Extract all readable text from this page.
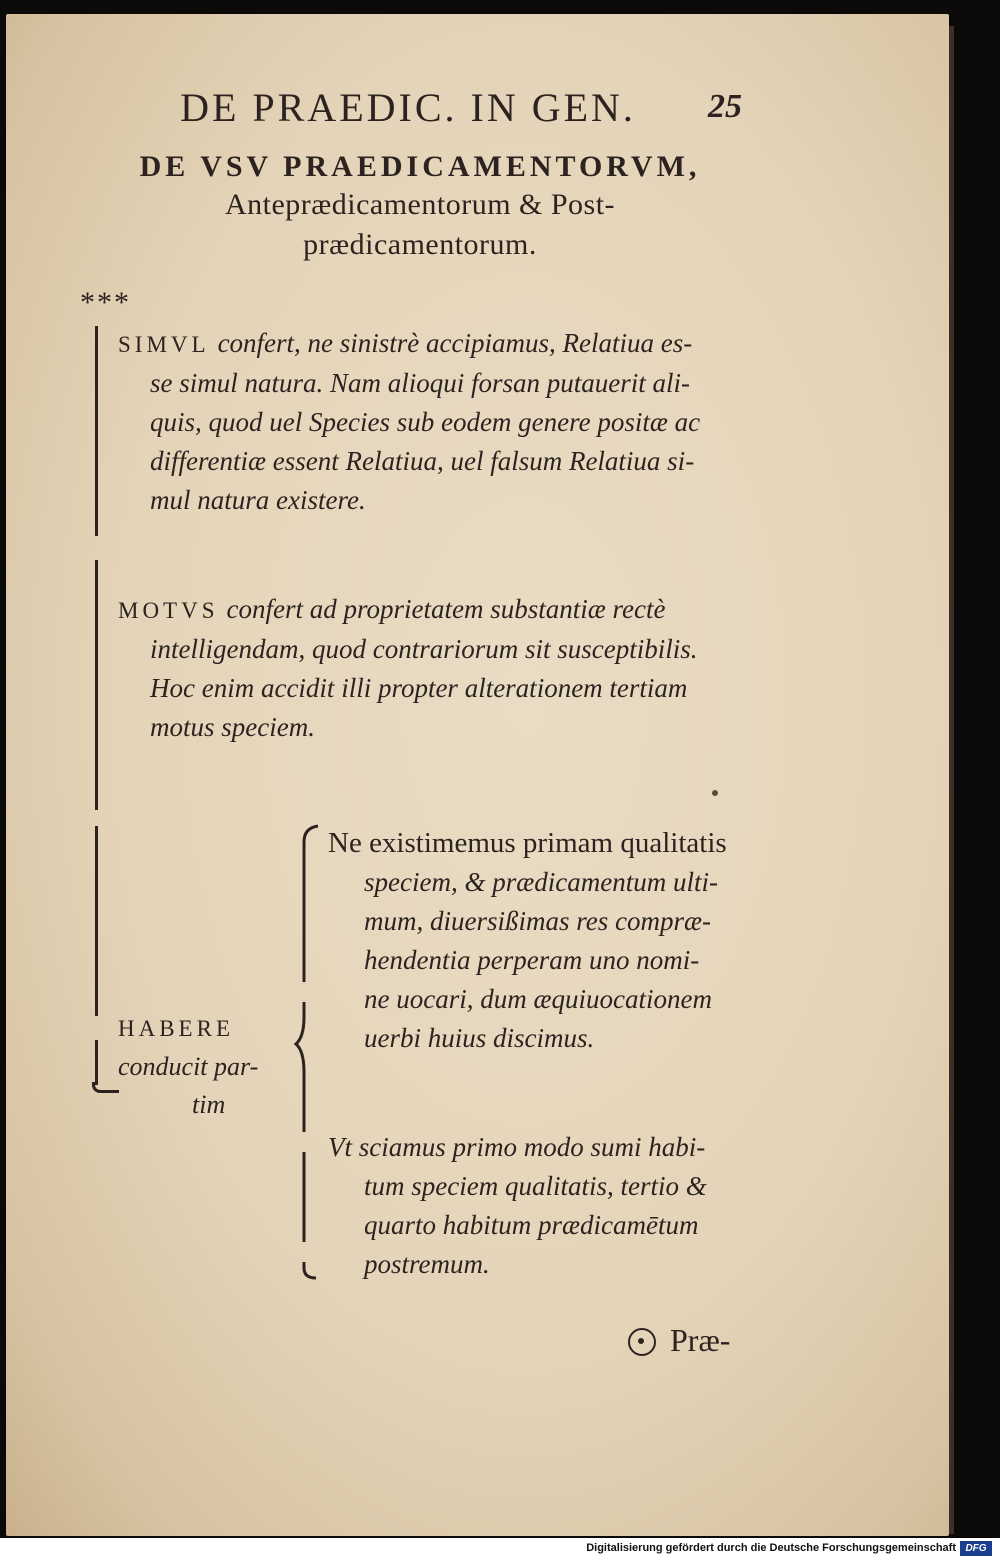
DE PRAEDIC. IN GEN.	25
DE VSV PRAEDICAMENTORVM,
Anteprædicamentorum & Post-
prædicamentorum.
***
SIMVL confert, ne sinistrè accipiamus, Relatiua es-
se simul natura. Nam alioqui forsan putauerit ali-
quis, quod uel Species sub eodem genere positæ ac
differentiæ essent Relatiua, uel falsum Relatiua si-
mul natura existere.
MOTVS confert ad proprietatem substantiæ rectè
intelligendam, quod contrariorum sit susceptibilis.
Hoc enim accidit illi propter alterationem tertiam
motus speciem.
HABERE
conducit par-
tim
Ne existimemus primam qualitatis
speciem, & prædicamentum ulti-
mum, diuersißimas res compræ-
hendentia perperam uno nomi-
ne uocari, dum æquiuocationem
uerbi huius discimus.
Vt sciamus primo modo sumi habi-
tum speciem qualitatis, tertio &
quarto habitum prædicamētum
postremum.
Præ-
Digitalisierung gefördert durch die Deutsche Forschungsgemeinschaft DFG
